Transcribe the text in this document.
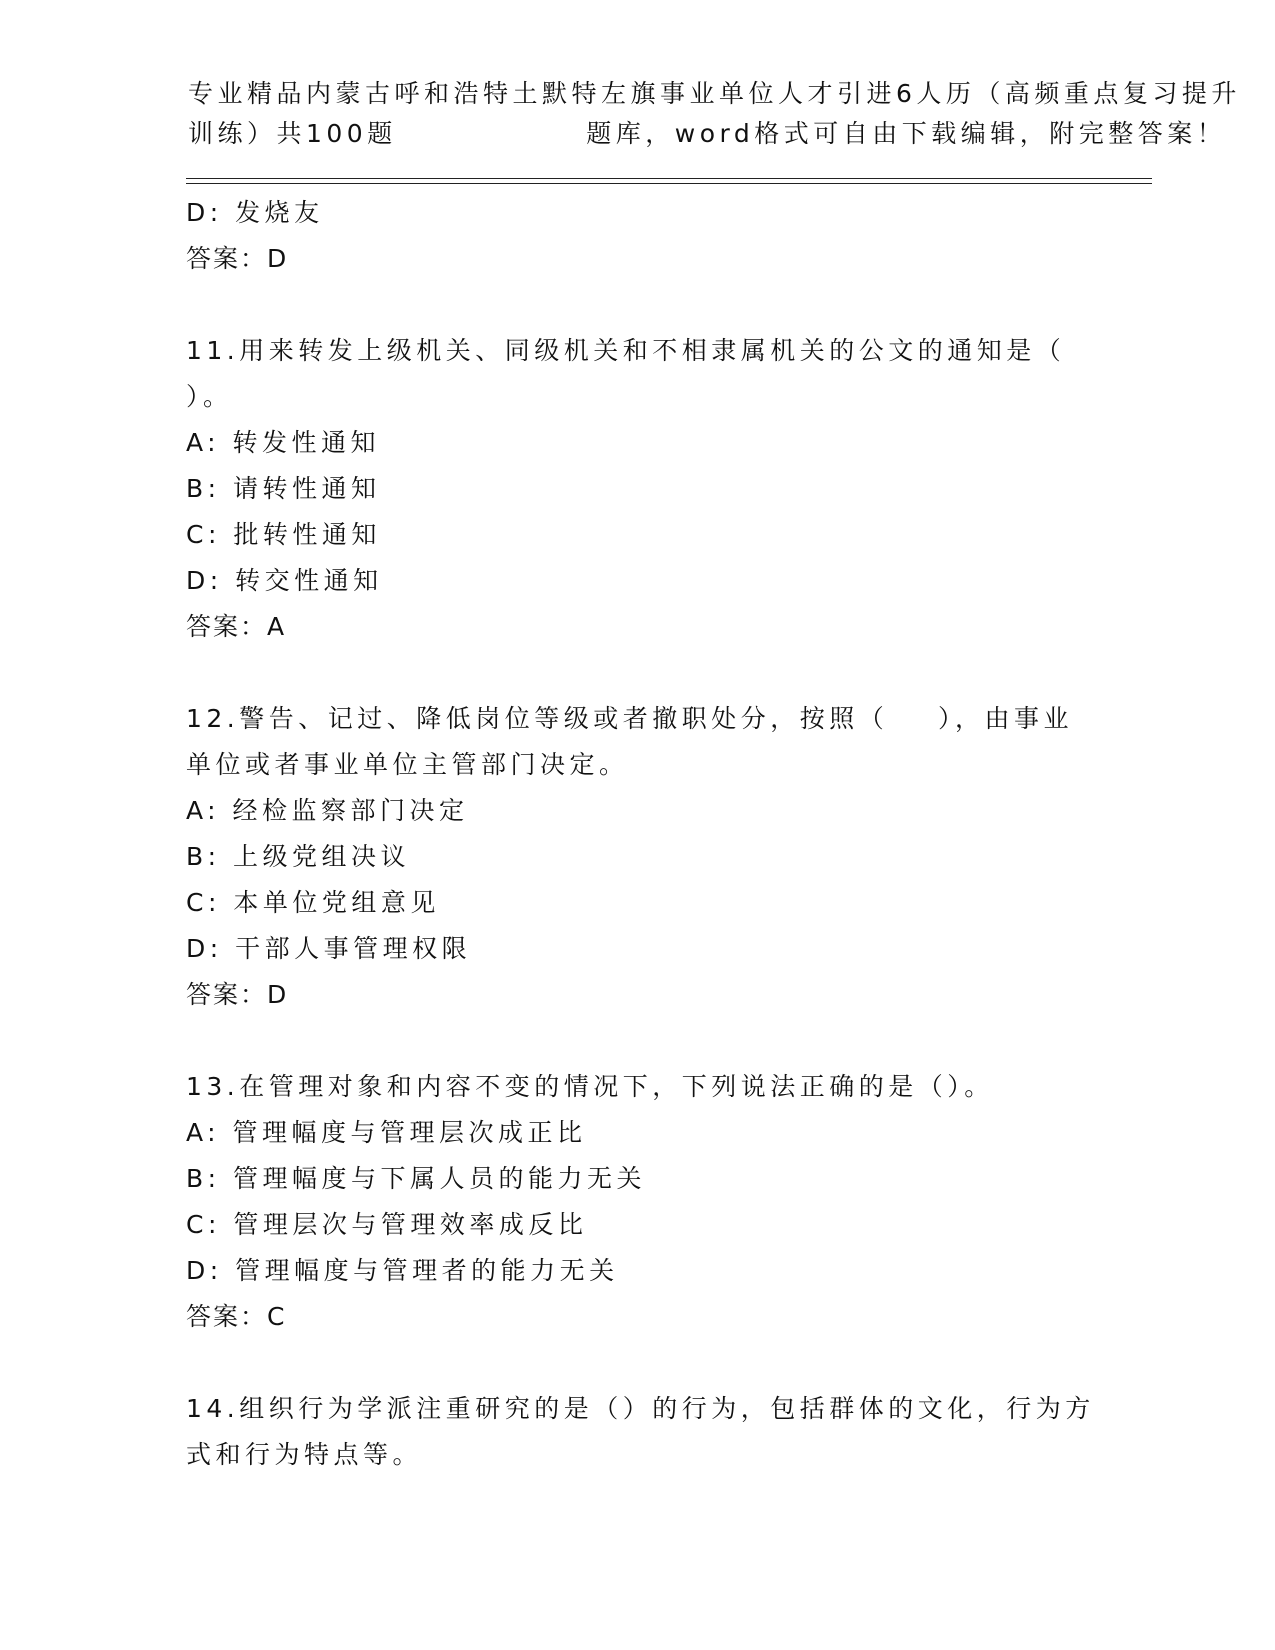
专业精品内蒙古呼和浩特土默特左旗事业单位人才引进6人历（高频重点复习提升
训练）共100题		题库，word格式可自由下载编辑，附完整答案！
D: 发烧友
答案：D
11.用来转发上级机关、同级机关和不相隶属机关的公文的通知是（
）。
A: 转发性通知
B: 请转性通知
C: 批转性通知
D: 转交性通知
答案：A
12.警告、记过、降低岗位等级或者撤职处分，按照（    ），由事业
单位或者事业单位主管部门决定。
A: 经检监察部门决定
B: 上级党组决议
C: 本单位党组意见
D: 干部人事管理权限
答案：D
13.在管理对象和内容不变的情况下，下列说法正确的是（）。
A: 管理幅度与管理层次成正比
B: 管理幅度与下属人员的能力无关
C: 管理层次与管理效率成反比
D: 管理幅度与管理者的能力无关
答案：C
14.组织行为学派注重研究的是（）的行为，包括群体的文化，行为方
式和行为特点等。
